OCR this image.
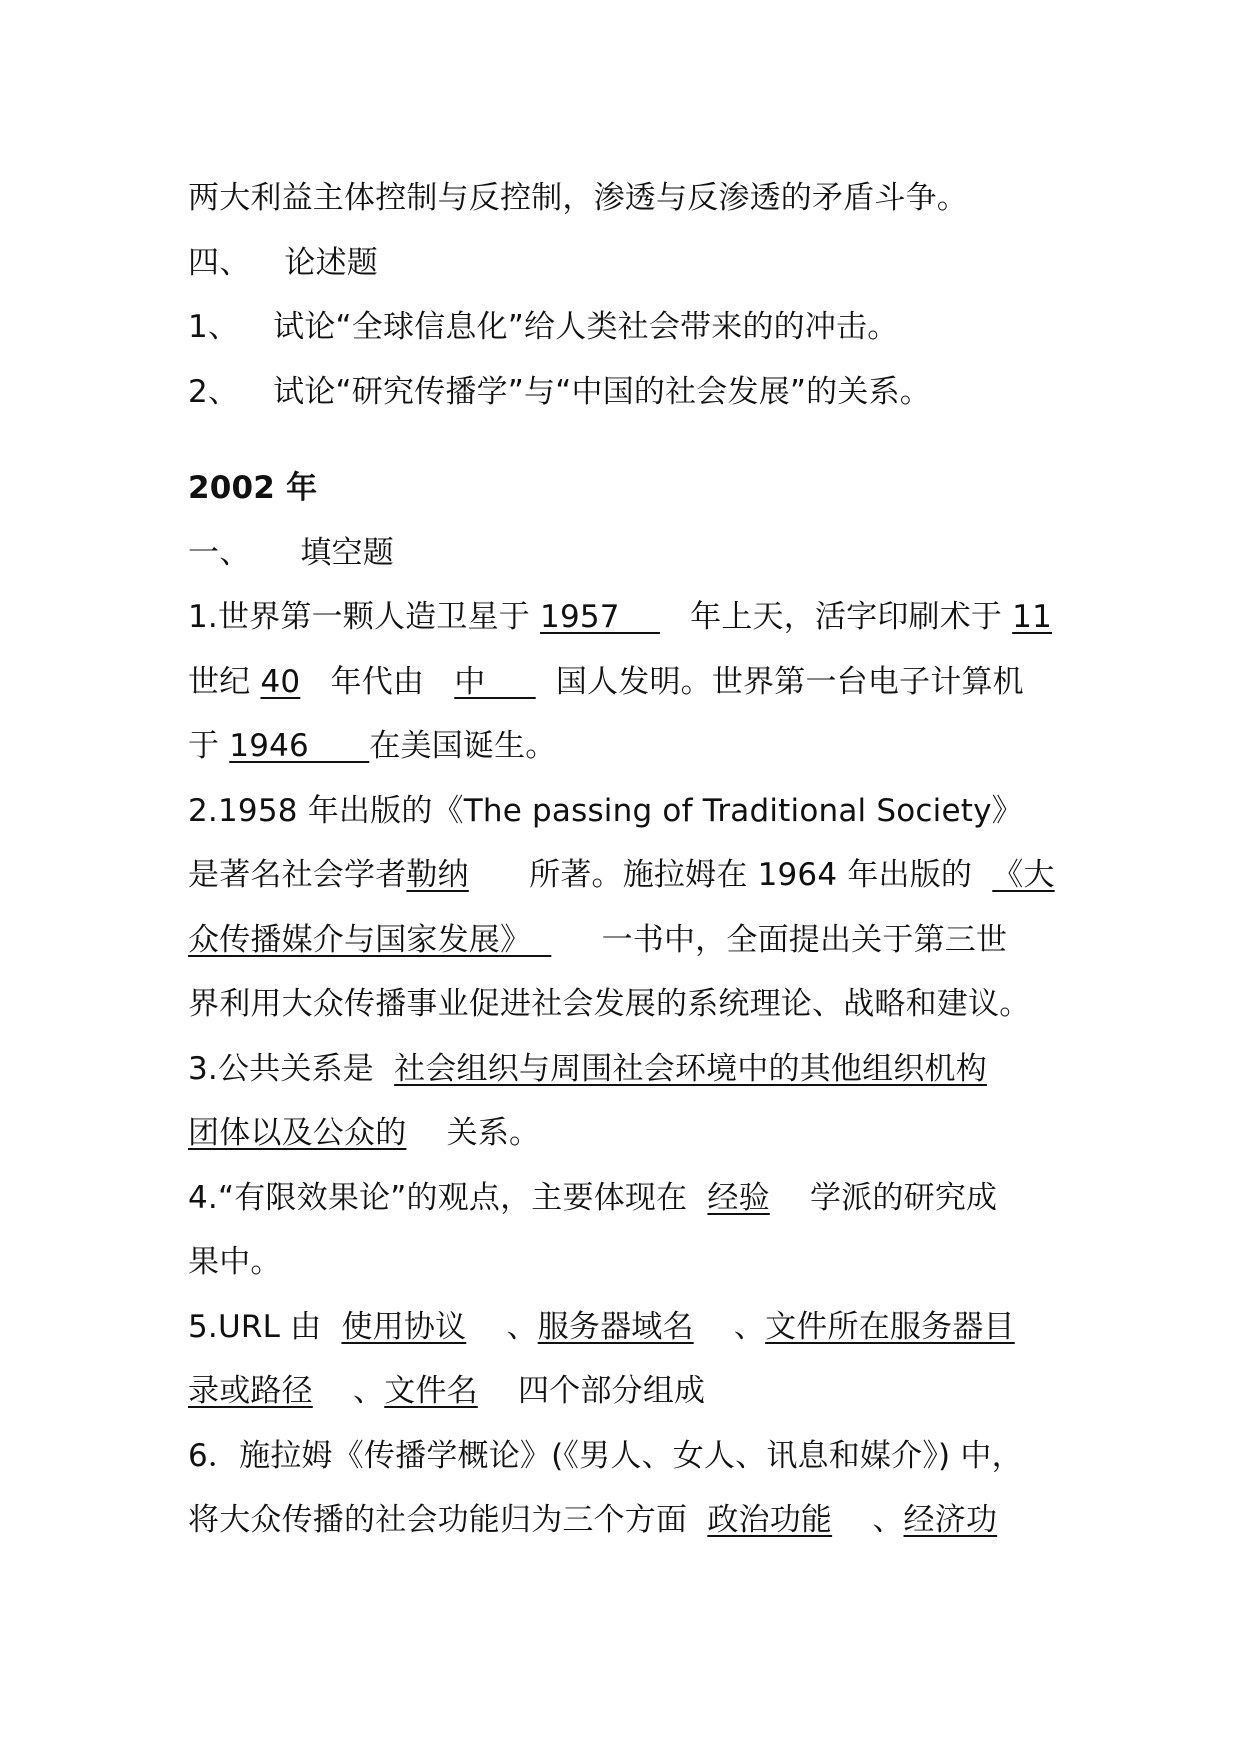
两大利益主体控制与反控制，渗透与反渗透的矛盾斗争。
四、 论述题
1、 试论“全球信息化”给人类社会带来的的冲击。
2、 试论“研究传播学”与“中国的社会发展”的关系。
2002 年
一、 填空题
1.世界第一颗人造卫星于 1957       年上天，活字印刷术于 11
世纪 40   年代由   中       国人发明。世界第一台电子计算机
于 1946      在美国诞生。
2.1958 年出版的《The passing of Traditional Society》
是著名社会学者勒纳      所著。施拉姆在 1964 年出版的  《大
众传播媒介与国家发展》       一书中，全面提出关于第三世
界利用大众传播事业促进社会发展的系统理论、战略和建议。
3.公共关系是  社会组织与周围社会环境中的其他组织机构
团体以及公众的    关系。
4.“有限效果论”的观点，主要体现在  经验    学派的研究成
果中。
5.URL 由  使用协议    、服务器域名    、文件所在服务器目
录或路径    、文件名    四个部分组成
6．施拉姆《传播学概论》(《男人、女人、讯息和媒介》) 中，
将大众传播的社会功能归为三个方面  政治功能    、经济功
